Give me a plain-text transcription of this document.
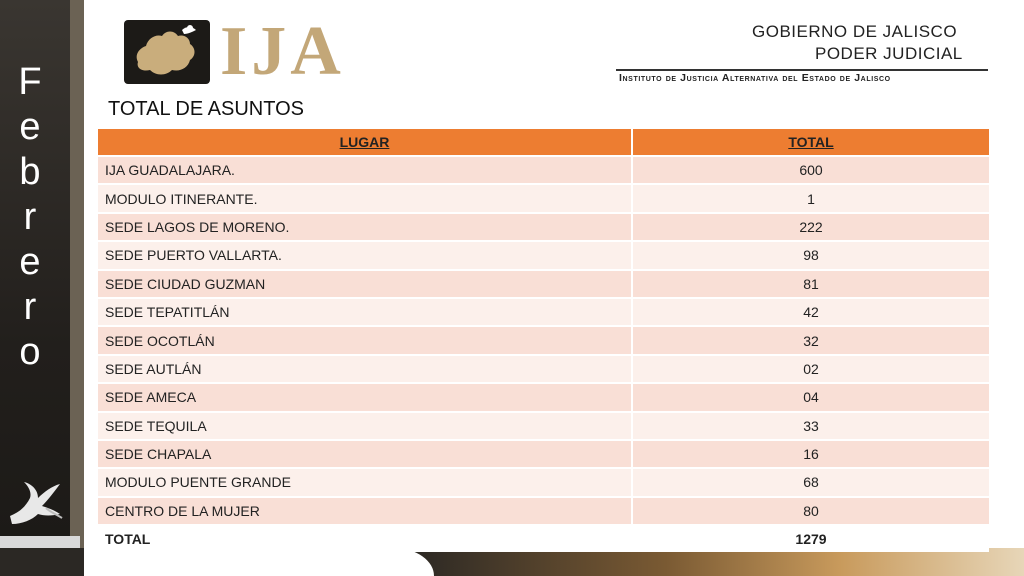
F
e
b
r
e
r
o
IJA	GOBIERNO DE JALISCO
PODER JUDICIAL
Instituto de Justicia Alternativa del Estado de Jalisco
TOTAL DE ASUNTOS
LUGAR	TOTAL
IJA GUADALAJARA.	600
MODULO ITINERANTE.	1
SEDE LAGOS DE MORENO.	222
SEDE PUERTO VALLARTA.	98
SEDE CIUDAD GUZMAN	81
SEDE TEPATITLÁN	42
SEDE OCOTLÁN	32
SEDE AUTLÁN	02
SEDE AMECA	04
SEDE TEQUILA	33
SEDE CHAPALA	16
MODULO PUENTE GRANDE	68
CENTRO DE LA MUJER	80
TOTAL	1279
